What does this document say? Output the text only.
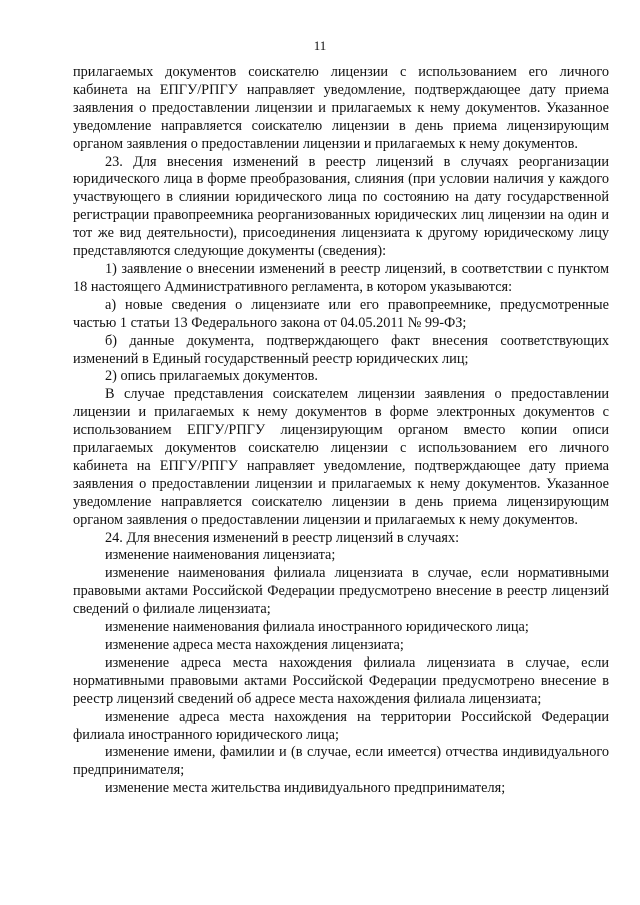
11

прилагаемых документов соискателю лицензии с использованием его личного кабинета на ЕПГУ/РПГУ направляет уведомление, подтверждающее дату приема заявления о предоставлении лицензии и прилагаемых к нему документов. Указанное уведомление направляется соискателю лицензии в день приема лицензирующим органом заявления о предоставлении лицензии и прилагаемых к нему документов.

23. Для внесения изменений в реестр лицензий в случаях реорганизации юридического лица в форме преобразования, слияния (при условии наличия у каждого участвующего в слиянии юридического лица по состоянию на дату государственной регистрации правопреемника реорганизованных юридических лиц лицензии на один и тот же вид деятельности), присоединения лицензиата к другому юридическому лицу представляются следующие документы (сведения):

1) заявление о внесении изменений в реестр лицензий, в соответствии с пунктом 18 настоящего Административного регламента, в котором указываются:

а) новые сведения о лицензиате или его правопреемнике, предусмотренные частью 1 статьи 13 Федерального закона от 04.05.2011 № 99-ФЗ;

б) данные документа, подтверждающего факт внесения соответствующих изменений в Единый государственный реестр юридических лиц;

2) опись прилагаемых документов.

В случае представления соискателем лицензии заявления о предоставлении лицензии и прилагаемых к нему документов в форме электронных документов с использованием ЕПГУ/РПГУ лицензирующим органом вместо копии описи прилагаемых документов соискателю лицензии с использованием его личного кабинета на ЕПГУ/РПГУ направляет уведомление, подтверждающее дату приема заявления о предоставлении лицензии и прилагаемых к нему документов. Указанное уведомление направляется соискателю лицензии в день приема лицензирующим органом заявления о предоставлении лицензии и прилагаемых к нему документов.

24. Для внесения изменений в реестр лицензий в случаях:

изменение наименования лицензиата;

изменение наименования филиала лицензиата в случае, если нормативными правовыми актами Российской Федерации предусмотрено внесение в реестр лицензий сведений о филиале лицензиата;

изменение наименования филиала иностранного юридического лица;

изменение адреса места нахождения лицензиата;

изменение адреса места нахождения филиала лицензиата в случае, если нормативными правовыми актами Российской Федерации предусмотрено внесение в реестр лицензий сведений об адресе места нахождения филиала лицензиата;

изменение адреса места нахождения на территории Российской Федерации филиала иностранного юридического лица;

изменение имени, фамилии и (в случае, если имеется) отчества индивидуального предпринимателя;

изменение места жительства индивидуального предпринимателя;
